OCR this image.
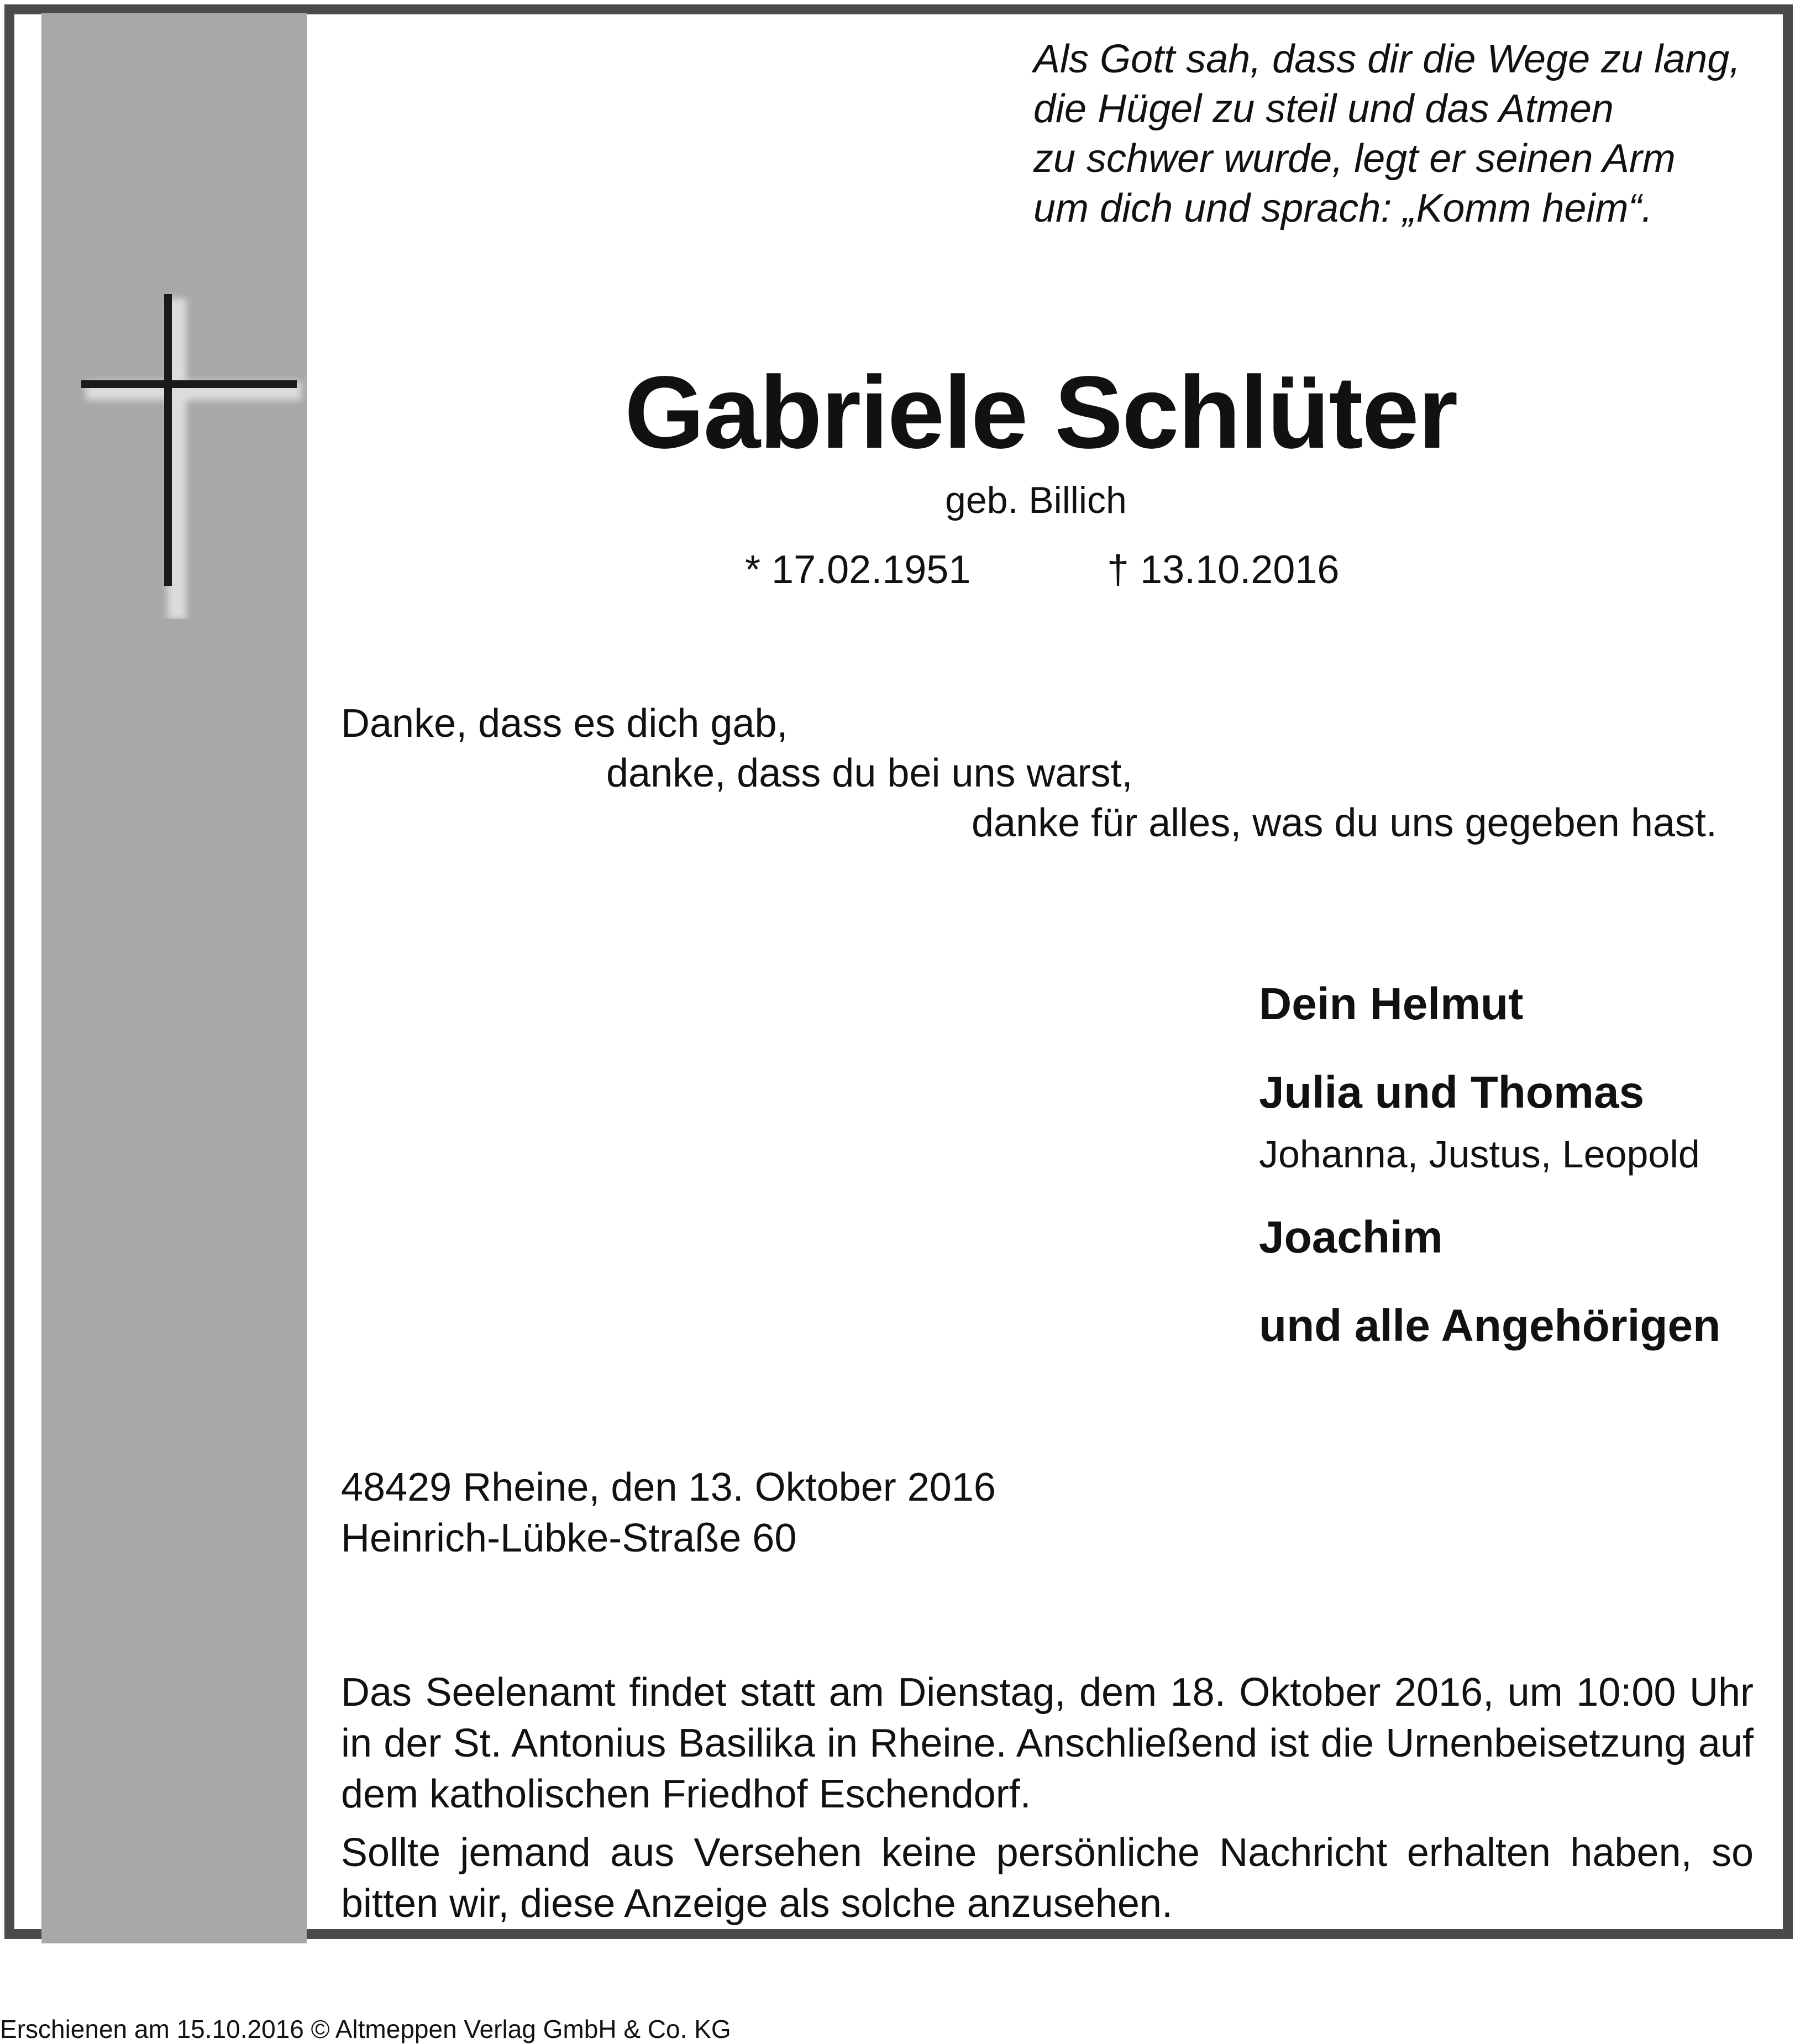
Als Gott sah, dass dir die Wege zu lang,
die Hügel zu steil und das Atmen
zu schwer wurde, legt er seinen Arm
um dich und sprach: „Komm heim“.

Gabriele Schlüter

geb. Billich

* 17.02.1951	† 13.10.2016

Danke, dass es dich gab,

danke, dass du bei uns warst,

danke für alles, was du uns gegeben hast.

Dein Helmut

Julia und Thomas

Johanna, Justus, Leopold

Joachim

und alle Angehörigen

48429 Rheine, den 13. Oktober 2016

Heinrich-Lübke-Straße 60

Das Seelenamt findet statt am Dienstag, dem 18. Oktober 2016, um 10:00 Uhr in der St. Antonius Basilika in Rheine. Anschließend ist die Urnenbeisetzung auf dem katholischen Friedhof Eschendorf.

Sollte jemand aus Versehen keine persönliche Nachricht erhalten haben, so bitten wir, diese Anzeige als solche anzusehen.

Erschienen am 15.10.2016 © Altmeppen Verlag GmbH & Co. KG
